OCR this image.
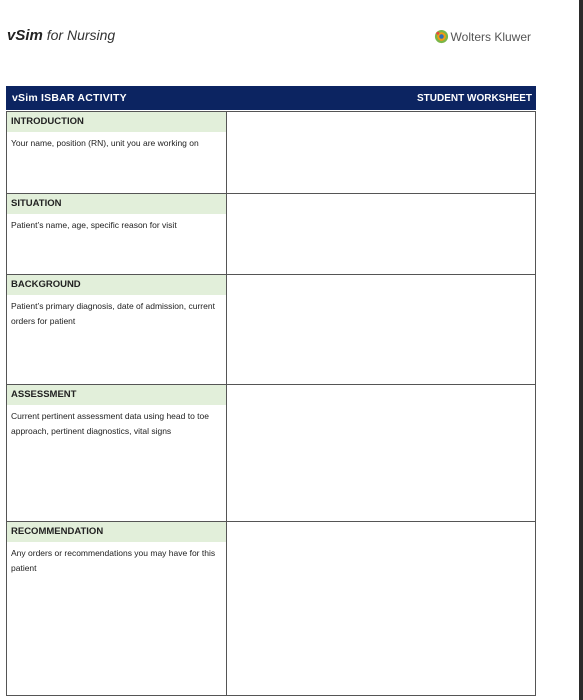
vSim for Nursing	Wolters Kluwer
vSim ISBAR ACTIVITY	STUDENT WORKSHEET
INTRODUCTION
Your name, position (RN), unit you are working on
SITUATION
Patient’s name, age, specific reason for visit
BACKGROUND
Patient’s primary diagnosis, date of admission, current orders for patient
ASSESSMENT
Current pertinent assessment data using head to toe approach, pertinent diagnostics, vital signs
RECOMMENDATION
Any orders or recommendations you may have for this patient
